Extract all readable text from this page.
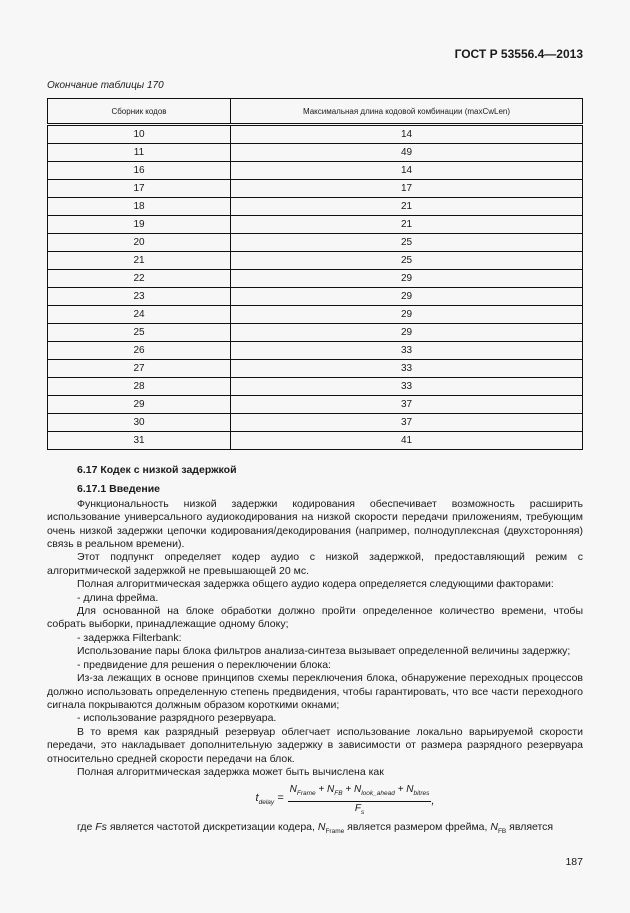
ГОСТ Р 53556.4—2013
Окончание таблицы 170
Сборник кодов	Максимальная длина кодовой комбинации (maxCwLen)
10	14
11	49
16	14
17	17
18	21
19	21
20	25
21	25
22	29
23	29
24	29
25	29
26	33
27	33
28	33
29	37
30	37
31	41
6.17 Кодек с низкой задержкой
6.17.1 Введение

Функциональность низкой задержки кодирования обеспечивает возможность расширить использование универсального аудиокодирования на низкой скорости передачи приложениям, требующим очень низкой задержки цепочки кодирования/декодирования (например, полнодуплексная (двухсторонняя) связь в реальном времени).

Этот подпункт определяет кодер аудио с низкой задержкой, предоставляющий режим с алгоритмической задержкой не превышающей 20 мс.

Полная алгоритмическая задержка общего аудио кодера определяется следующими факторами:

- длина фрейма.

Для основанной на блоке обработки должно пройти определенное количество времени, чтобы собрать выборки, принадлежащие одному блоку;

- задержка Filterbank:

Использование пары блока фильтров анализа-синтеза вызывает определенной величины задержку;

- предвидение для решения о переключении блока:

Из-за лежащих в основе принципов схемы переключения блока, обнаружение переходных процессов должно использовать определенную степень предвидения, чтобы гарантировать, что все части переходного сигнала покрываются должным образом короткими окнами;

- использование разрядного резервуара.

В то время как разрядный резервуар облегчает использование локально варьируемой скорости передачи, это накладывает дополнительную задержку в зависимости от размера разрядного резервуара относительно средней скорости передачи на блок.

Полная алгоритмическая задержка может быть вычислена как

$t_{delay} = \frac{N_{Frame} + N_{FB} + N_{look\_ahead} + N_{bitres}}{F_s}$ ,

где Fs является частотой дискретизации кодера, $N_{Frame}$ является размером фрейма, $N_{FB}$ является

187
